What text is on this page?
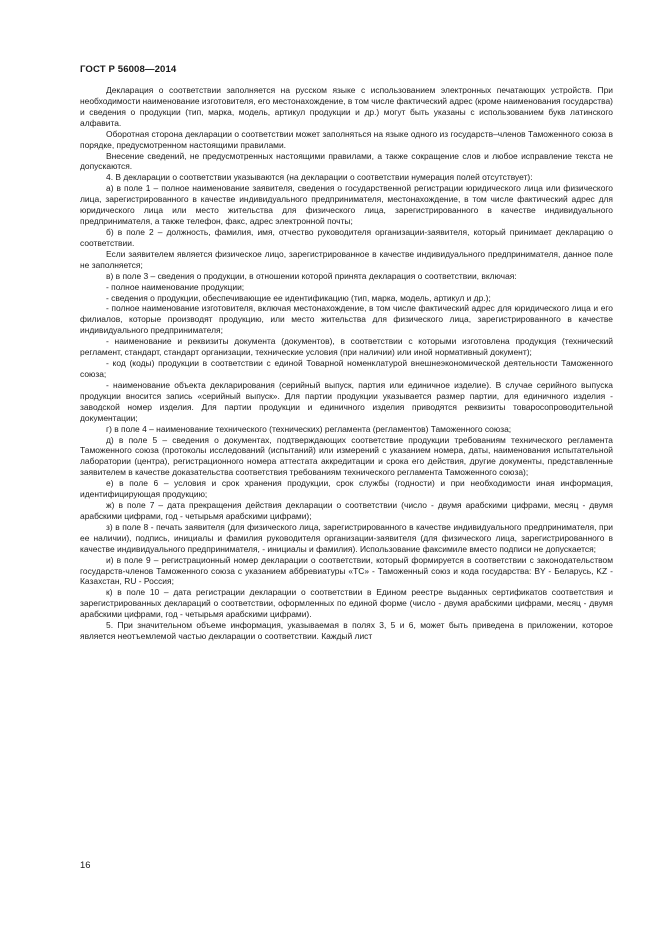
ГОСТ Р 56008—2014

Декларация о соответствии заполняется на русском языке с использованием электронных печатающих устройств. При необходимости наименование изготовителя, его местонахождение, в том числе фактический адрес (кроме наименования государства) и сведения о продукции (тип, марка, модель, артикул продукции и др.) могут быть указаны с использованием букв латинского алфавита.

Оборотная сторона декларации о соответствии может заполняться на языке одного из государств–членов Таможенного союза в порядке, предусмотренном настоящими правилами.

Внесение сведений, не предусмотренных настоящими правилами, а также сокращение слов и любое исправление текста не допускаются.

4. В декларации о соответствии указываются (на декларации о соответствии нумерация полей отсутствует):

а) в поле 1 – полное наименование заявителя, сведения о государственной регистрации юридического лица или физического лица, зарегистрированного в качестве индивидуального предпринимателя, местонахождение, в том числе фактический адрес для юридического лица или место жительства для физического лица, зарегистрированного в качестве индивидуального предпринимателя, а также телефон, факс, адрес электронной почты;

б) в поле 2 – должность, фамилия, имя, отчество руководителя организации-заявителя, который принимает декларацию о соответствии.

Если заявителем является физическое лицо, зарегистрированное в качестве индивидуального предпринимателя, данное поле не заполняется;

в) в поле 3 – сведения о продукции, в отношении которой принята декларация о соответствии, включая:

- полное наименование продукции;

- сведения о продукции, обеспечивающие ее идентификацию (тип, марка, модель, артикул и др.);

- полное наименование изготовителя, включая местонахождение, в том числе фактический адрес для юридического лица и его филиалов, которые производят продукцию, или место жительства для физического лица, зарегистрированного в качестве индивидуального предпринимателя;

- наименование и реквизиты документа (документов), в соответствии с которыми изготовлена продукция (технический регламент, стандарт, стандарт организации, технические условия (при наличии) или иной нормативный документ);

- код (коды) продукции в соответствии с единой Товарной номенклатурой внешнеэкономической деятельности Таможенного союза;

- наименование объекта декларирования (серийный выпуск, партия или единичное изделие). В случае серийного выпуска продукции вносится запись «серийный выпуск». Для партии продукции указывается размер партии, для единичного изделия - заводской номер изделия. Для партии продукции и единичного изделия приводятся реквизиты товаросопроводительной документации;

г) в поле 4 – наименование технического (технических) регламента (регламентов) Таможенного союза;

д) в поле 5 – сведения о документах, подтверждающих соответствие продукции требованиям технического регламента Таможенного союза (протоколы исследований (испытаний) или измерений с указанием номера, даты, наименования испытательной лаборатории (центра), регистрационного номера аттестата аккредитации и срока его действия, другие документы, представленные заявителем в качестве доказательства соответствия требованиям технического регламента Таможенного союза);

е) в поле 6 – условия и срок хранения продукции, срок службы (годности) и при необходимости иная информация, идентифицирующая продукцию;

ж) в поле 7 – дата прекращения действия декларации о соответствии (число - двумя арабскими цифрами, месяц - двумя арабскими цифрами, год - четырьмя арабскими цифрами);

з) в поле 8 - печать заявителя (для физического лица, зарегистрированного в качестве индивидуального предпринимателя, при ее наличии), подпись, инициалы и фамилия руководителя организации-заявителя (для физического лица, зарегистрированного в качестве индивидуального предпринимателя, - инициалы и фамилия). Использование факсимиле вместо подписи не допускается;

и) в поле 9 – регистрационный номер декларации о соответствии, который формируется в соответствии с законодательством государств-членов Таможенного союза с указанием аббревиатуры «ТС» - Таможенный союз и кода государства: BY - Беларусь, KZ - Казахстан, RU - Россия;

к) в поле 10 – дата регистрации декларации о соответствии в Едином реестре выданных сертификатов соответствия и зарегистрированных деклараций о соответствии, оформленных по единой форме (число - двумя арабскими цифрами, месяц - двумя арабскими цифрами, год - четырьмя арабскими цифрами).

5. При значительном объеме информация, указываемая в полях 3, 5 и 6, может быть приведена в приложении, которое является неотъемлемой частью декларации о соответствии. Каждый лист

16
